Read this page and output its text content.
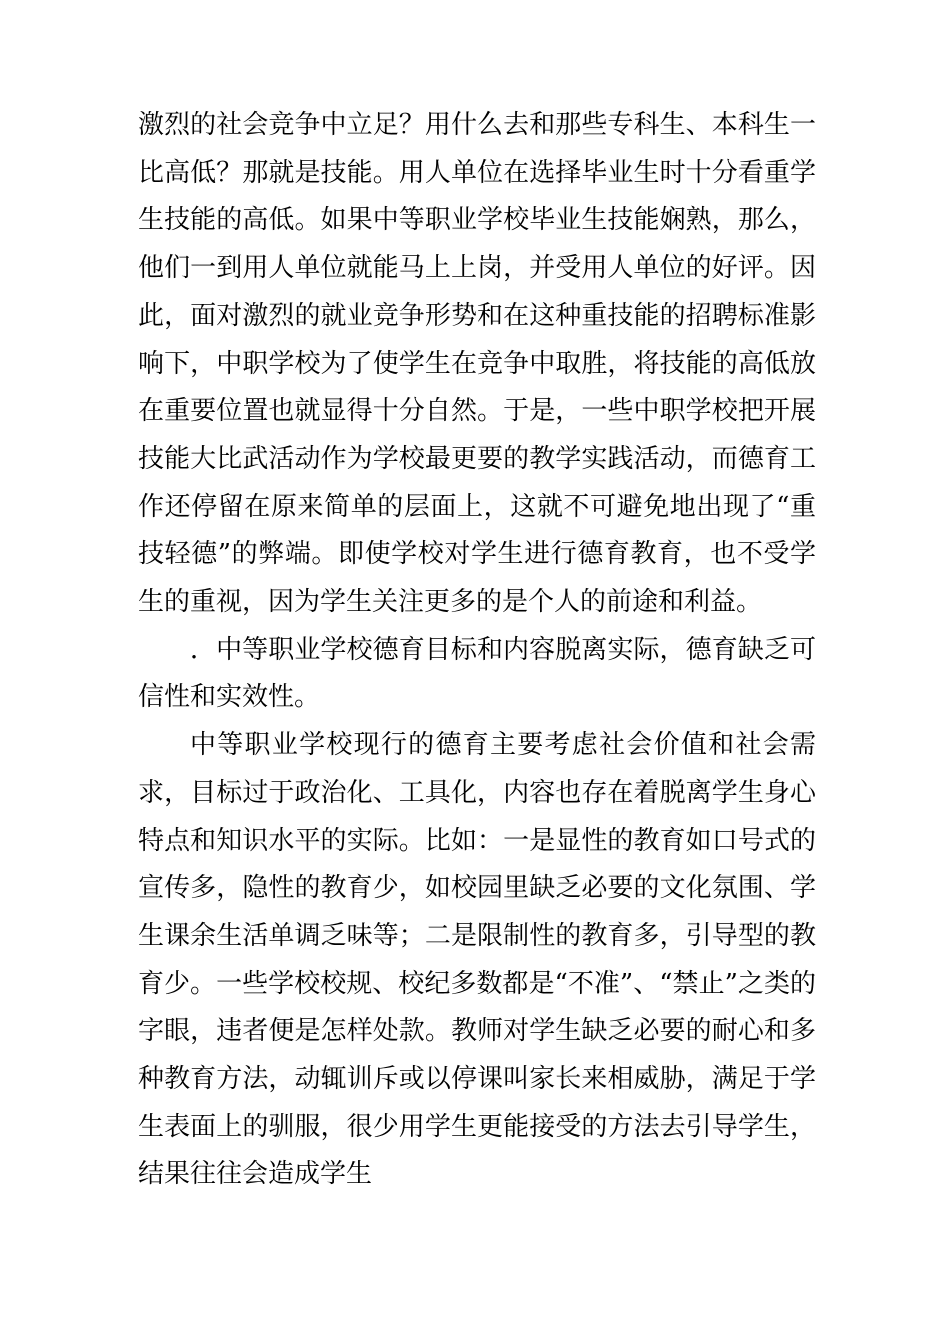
激烈的社会竞争中立足？用什么去和那些专科生、本科生一比高低？那就是技能。用人单位在选择毕业生时十分看重学生技能的高低。如果中等职业学校毕业生技能娴熟，那么，他们一到用人单位就能马上上岗，并受用人单位的好评。因此，面对激烈的就业竞争形势和在这种重技能的招聘标准影响下，中职学校为了使学生在竞争中取胜，将技能的高低放在重要位置也就显得十分自然。于是，一些中职学校把开展技能大比武活动作为学校最更要的教学实践活动，而德育工作还停留在原来简单的层面上，这就不可避免地出现了“重技轻德”的弊端。即使学校对学生进行德育教育，也不受学生的重视，因为学生关注更多的是个人的前途和利益。

．中等职业学校德育目标和内容脱离实际，德育缺乏可信性和实效性。

中等职业学校现行的德育主要考虑社会价值和社会需求，目标过于政治化、工具化，内容也存在着脱离学生身心特点和知识水平的实际。比如：一是显性的教育如口号式的宣传多，隐性的教育少，如校园里缺乏必要的文化氛围、学生课余生活单调乏味等；二是限制性的教育多，引导型的教育少。一些学校校规、校纪多数都是“不准”、“禁止”之类的字眼，违者便是怎样处款。教师对学生缺乏必要的耐心和多种教育方法，动辄训斥或以停课叫家长来相威胁，满足于学生表面上的驯服，很少用学生更能接受的方法去引导学生，结果往往会造成学生
